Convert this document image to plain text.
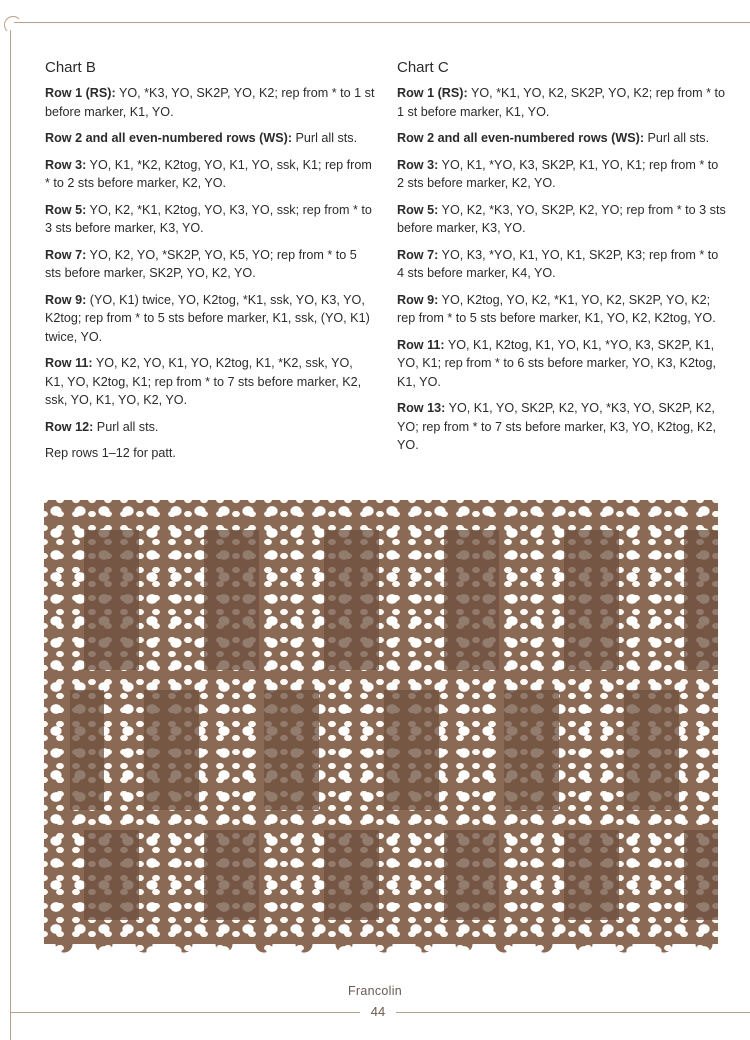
Chart B
Row 1 (RS): YO, *K3, YO, SK2P, YO, K2; rep from * to 1 st before marker, K1, YO.
Row 2 and all even-numbered rows (WS): Purl all sts.
Row 3: YO, K1, *K2, K2tog, YO, K1, YO, ssk, K1; rep from * to 2 sts before marker, K2, YO.
Row 5: YO, K2, *K1, K2tog, YO, K3, YO, ssk; rep from * to 3 sts before marker, K3, YO.
Row 7: YO, K2, YO, *SK2P, YO, K5, YO; rep from * to 5 sts before marker, SK2P, YO, K2, YO.
Row 9: (YO, K1) twice, YO, K2tog, *K1, ssk, YO, K3, YO, K2tog; rep from * to 5 sts before marker, K1, ssk, (YO, K1) twice, YO.
Row 11: YO, K2, YO, K1, YO, K2tog, K1, *K2, ssk, YO, K1, YO, K2tog, K1; rep from * to 7 sts before marker, K2, ssk, YO, K1, YO, K2, YO.
Row 12: Purl all sts.
Rep rows 1–12 for patt.
Chart C
Row 1 (RS): YO, *K1, YO, K2, SK2P, YO, K2; rep from * to 1 st before marker, K1, YO.
Row 2 and all even-numbered rows (WS): Purl all sts.
Row 3: YO, K1, *YO, K3, SK2P, K1, YO, K1; rep from * to 2 sts before marker, K2, YO.
Row 5: YO, K2, *K3, YO, SK2P, K2, YO; rep from * to 3 sts before marker, K3, YO.
Row 7: YO, K3, *YO, K1, YO, K1, SK2P, K3; rep from * to 4 sts before marker, K4, YO.
Row 9: YO, K2tog, YO, K2, *K1, YO, K2, SK2P, YO, K2; rep from * to 5 sts before marker, K1, YO, K2, K2tog, YO.
Row 11: YO, K1, K2tog, K1, YO, K1, *YO, K3, SK2P, K1, YO, K1; rep from * to 6 sts before marker, YO, K3, K2tog, K1, YO.
Row 13: YO, K1, YO, SK2P, K2, YO, *K3, YO, SK2P, K2, YO; rep from * to 7 sts before marker, K3, YO, K2tog, K2, YO.
Francolin
44
